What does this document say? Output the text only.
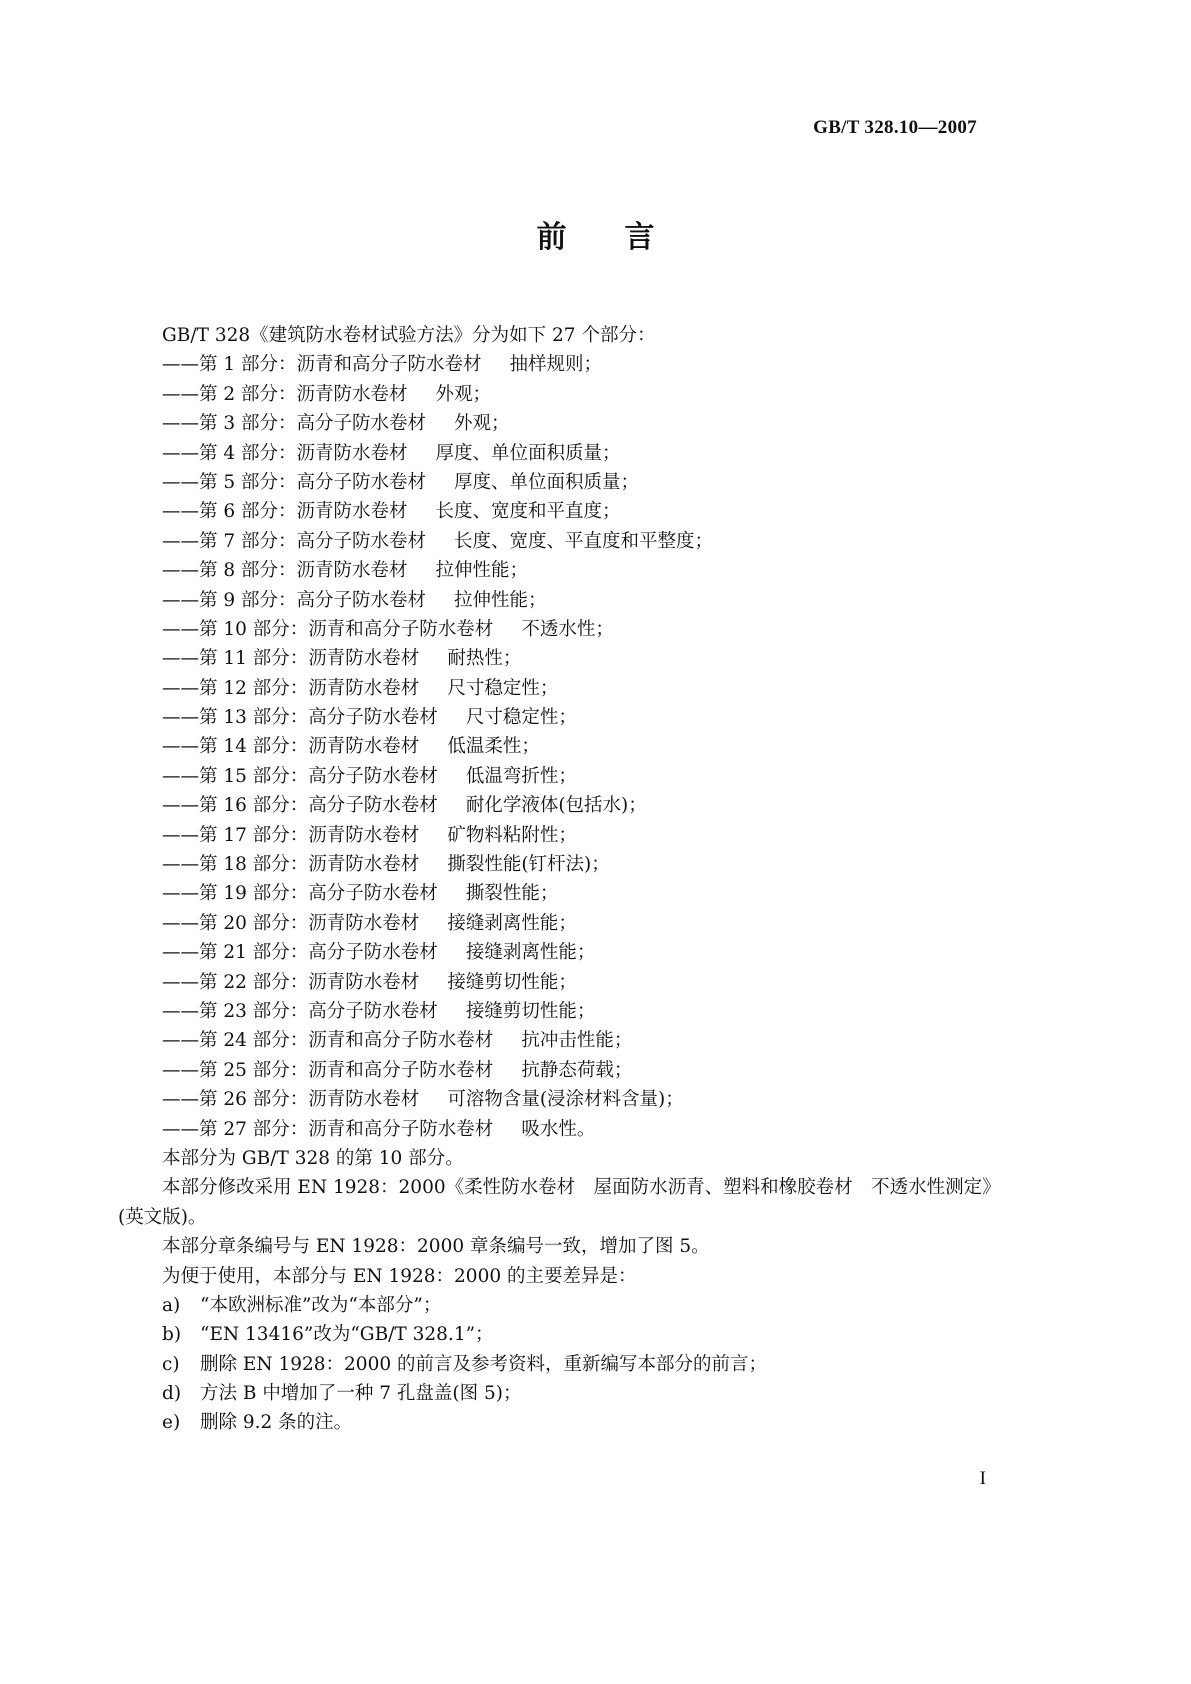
GB/T 328.10—2007
前 言
GB/T 328《建筑防水卷材试验方法》分为如下 27 个部分：
——第 1 部分：沥青和高分子防水卷材 抽样规则；
——第 2 部分：沥青防水卷材 外观；
——第 3 部分：高分子防水卷材 外观；
——第 4 部分：沥青防水卷材 厚度、单位面积质量；
——第 5 部分：高分子防水卷材 厚度、单位面积质量；
——第 6 部分：沥青防水卷材 长度、宽度和平直度；
——第 7 部分：高分子防水卷材 长度、宽度、平直度和平整度；
——第 8 部分：沥青防水卷材 拉伸性能；
——第 9 部分：高分子防水卷材 拉伸性能；
——第 10 部分：沥青和高分子防水卷材 不透水性；
——第 11 部分：沥青防水卷材 耐热性；
——第 12 部分：沥青防水卷材 尺寸稳定性；
——第 13 部分：高分子防水卷材 尺寸稳定性；
——第 14 部分：沥青防水卷材 低温柔性；
——第 15 部分：高分子防水卷材 低温弯折性；
——第 16 部分：高分子防水卷材 耐化学液体(包括水)；
——第 17 部分：沥青防水卷材 矿物料粘附性；
——第 18 部分：沥青防水卷材 撕裂性能(钉杆法)；
——第 19 部分：高分子防水卷材 撕裂性能；
——第 20 部分：沥青防水卷材 接缝剥离性能；
——第 21 部分：高分子防水卷材 接缝剥离性能；
——第 22 部分：沥青防水卷材 接缝剪切性能；
——第 23 部分：高分子防水卷材 接缝剪切性能；
——第 24 部分：沥青和高分子防水卷材 抗冲击性能；
——第 25 部分：沥青和高分子防水卷材 抗静态荷载；
——第 26 部分：沥青防水卷材 可溶物含量(浸涂材料含量)；
——第 27 部分：沥青和高分子防水卷材 吸水性。
本部分为 GB/T 328 的第 10 部分。
本部分修改采用 EN 1928：2000《柔性防水卷材　屋面防水沥青、塑料和橡胶卷材　不透水性测定》
(英文版)。
本部分章条编号与 EN 1928：2000 章条编号一致，增加了图 5。
为便于使用，本部分与 EN 1928：2000 的主要差异是：
a) “本欧洲标准”改为“本部分”；
b) “EN 13416”改为“GB/T 328.1”；
c) 删除 EN 1928：2000 的前言及参考资料，重新编写本部分的前言；
d) 方法 B 中增加了一种 7 孔盘盖(图 5)；
e) 删除 9.2 条的注。
I
